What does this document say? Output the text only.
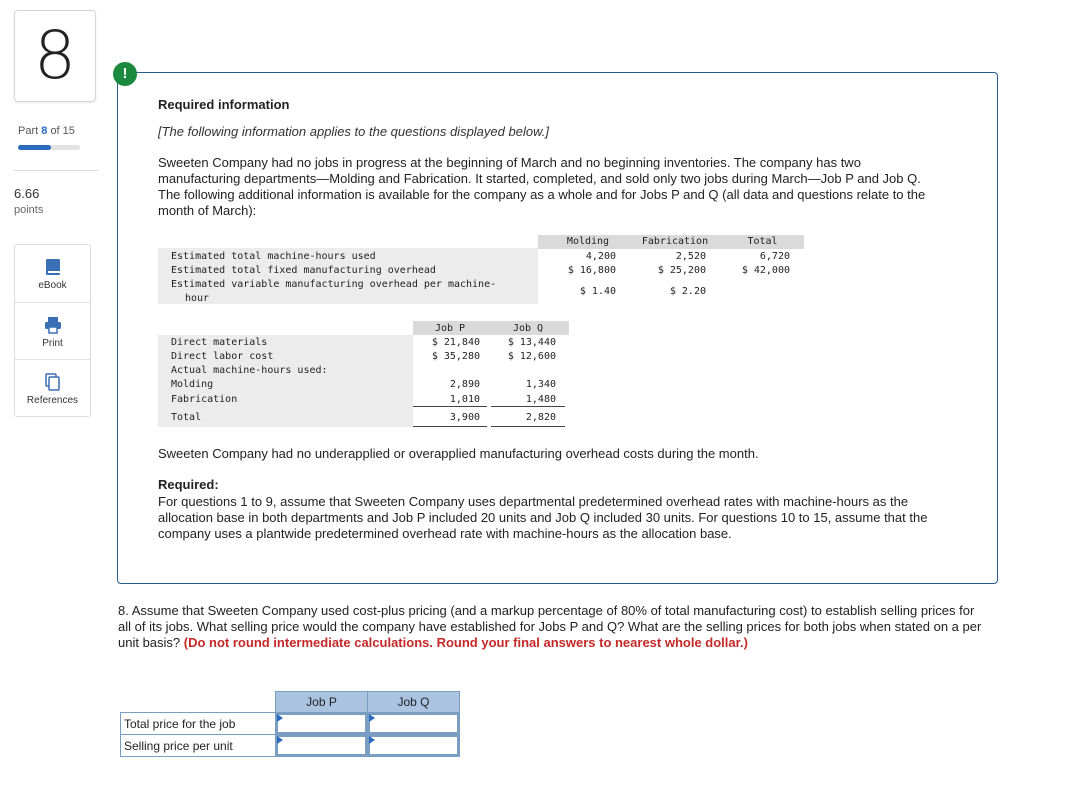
8
Part 8 of 15
6.66
points
eBook
Print
References
!
Required information
[The following information applies to the questions displayed below.]
Sweeten Company had no jobs in progress at the beginning of March and no beginning inventories. The company has two manufacturing departments—Molding and Fabrication. It started, completed, and sold only two jobs during March—Job P and Job Q. The following additional information is available for the company as a whole and for Jobs P and Q (all data and questions relate to the month of March):
Molding	Fabrication	Total
Estimated total machine-hours used	4,200	2,520	6,720
Estimated total fixed manufacturing overhead	$ 16,800	$ 25,200	$ 42,000
Estimated variable manufacturing overhead per machine-
hour
$ 1.40	$ 2.20
Job P	Job Q
Direct materials	$ 21,840	$ 13,440
Direct labor cost	$ 35,280	$ 12,600
Actual machine-hours used:
Molding	2,890	1,340
Fabrication	1,010	1,480
Total	3,900	2,820
Sweeten Company had no underapplied or overapplied manufacturing overhead costs during the month.
Required:
For questions 1 to 9, assume that Sweeten Company uses departmental predetermined overhead rates with machine-hours as the allocation base in both departments and Job P included 20 units and Job Q included 30 units. For questions 10 to 15, assume that the company uses a plantwide predetermined overhead rate with machine-hours as the allocation base.
8. Assume that Sweeten Company used cost-plus pricing (and a markup percentage of 80% of total manufacturing cost) to establish selling prices for all of its jobs. What selling price would the company have established for Jobs P and Q? What are the selling prices for both jobs when stated on a per unit basis? (Do not round intermediate calculations. Round your final answers to nearest whole dollar.)
	Job P	Job Q
Total price for the job	

Selling price per unit	
